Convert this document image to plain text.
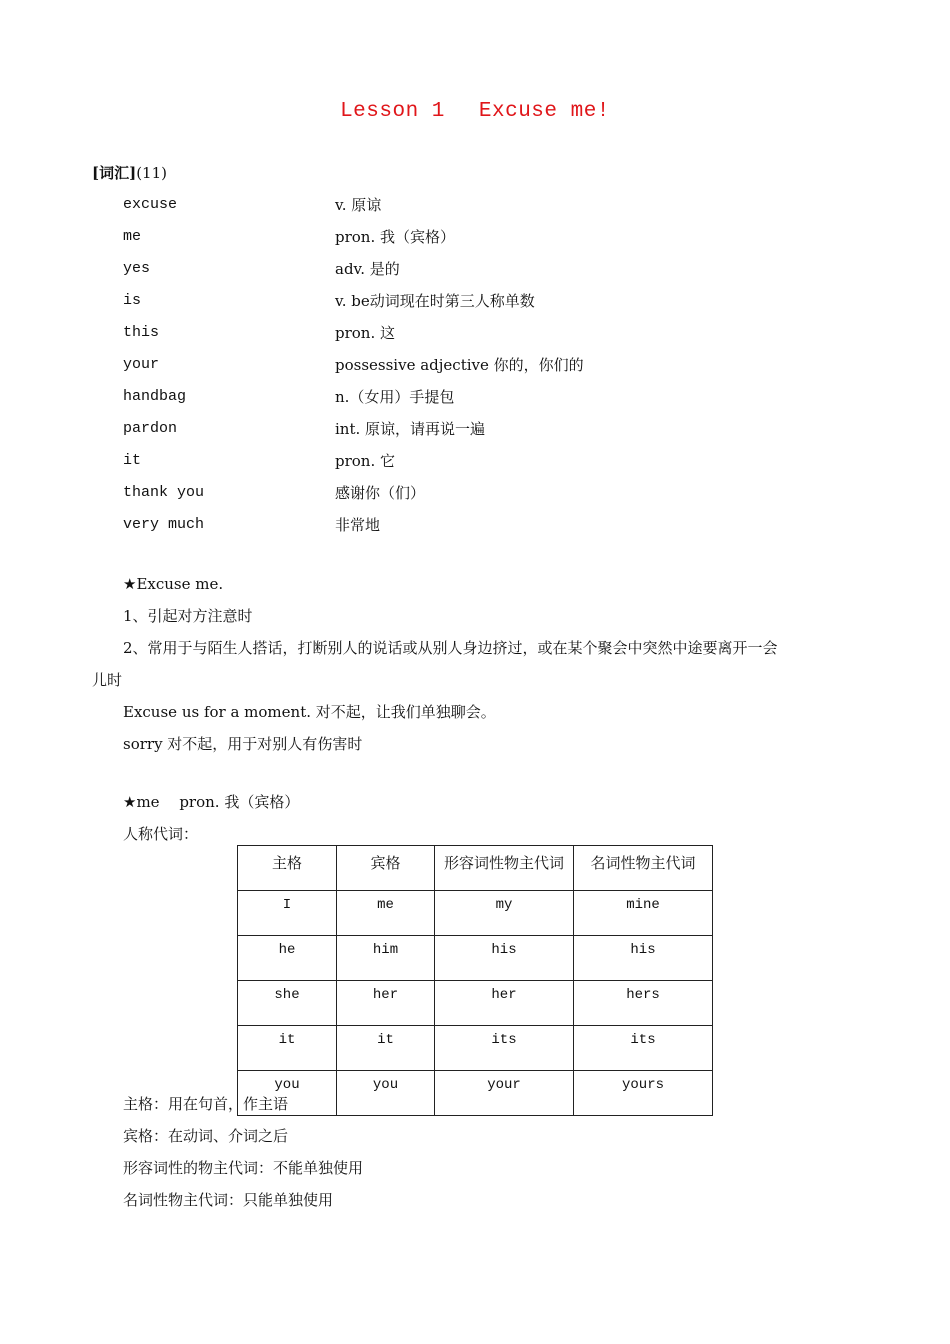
Lesson 1 Excuse me!
[词汇](11)
excuse	v. 原谅
me	pron. 我（宾格）
yes	adv. 是的
is	v. be动词现在时第三人称单数
this	pron. 这
your	possessive adjective 你的，你们的
handbag	n.（女用）手提包
pardon	int. 原谅，请再说一遍
it	pron. 它
thank you	感谢你（们）
very much	非常地
★Excuse me.
1、引起对方注意时
2、常用于与陌生人搭话，打断别人的说话或从别人身边挤过，或在某个聚会中突然中途要离开一会
儿时
Excuse us for a moment. 对不起，让我们单独聊会。
sorry 对不起，用于对别人有伤害时
★me　 pron. 我（宾格）
人称代词：
主格	宾格	形容词性物主代词	名词性物主代词
I	me	my	mine
he	him	his	his
she	her	her	hers
it	it	its	its
you	you	your	yours
主格：用在句首，作主语
宾格：在动词、介词之后
形容词性的物主代词：不能单独使用
名词性物主代词：只能单独使用
